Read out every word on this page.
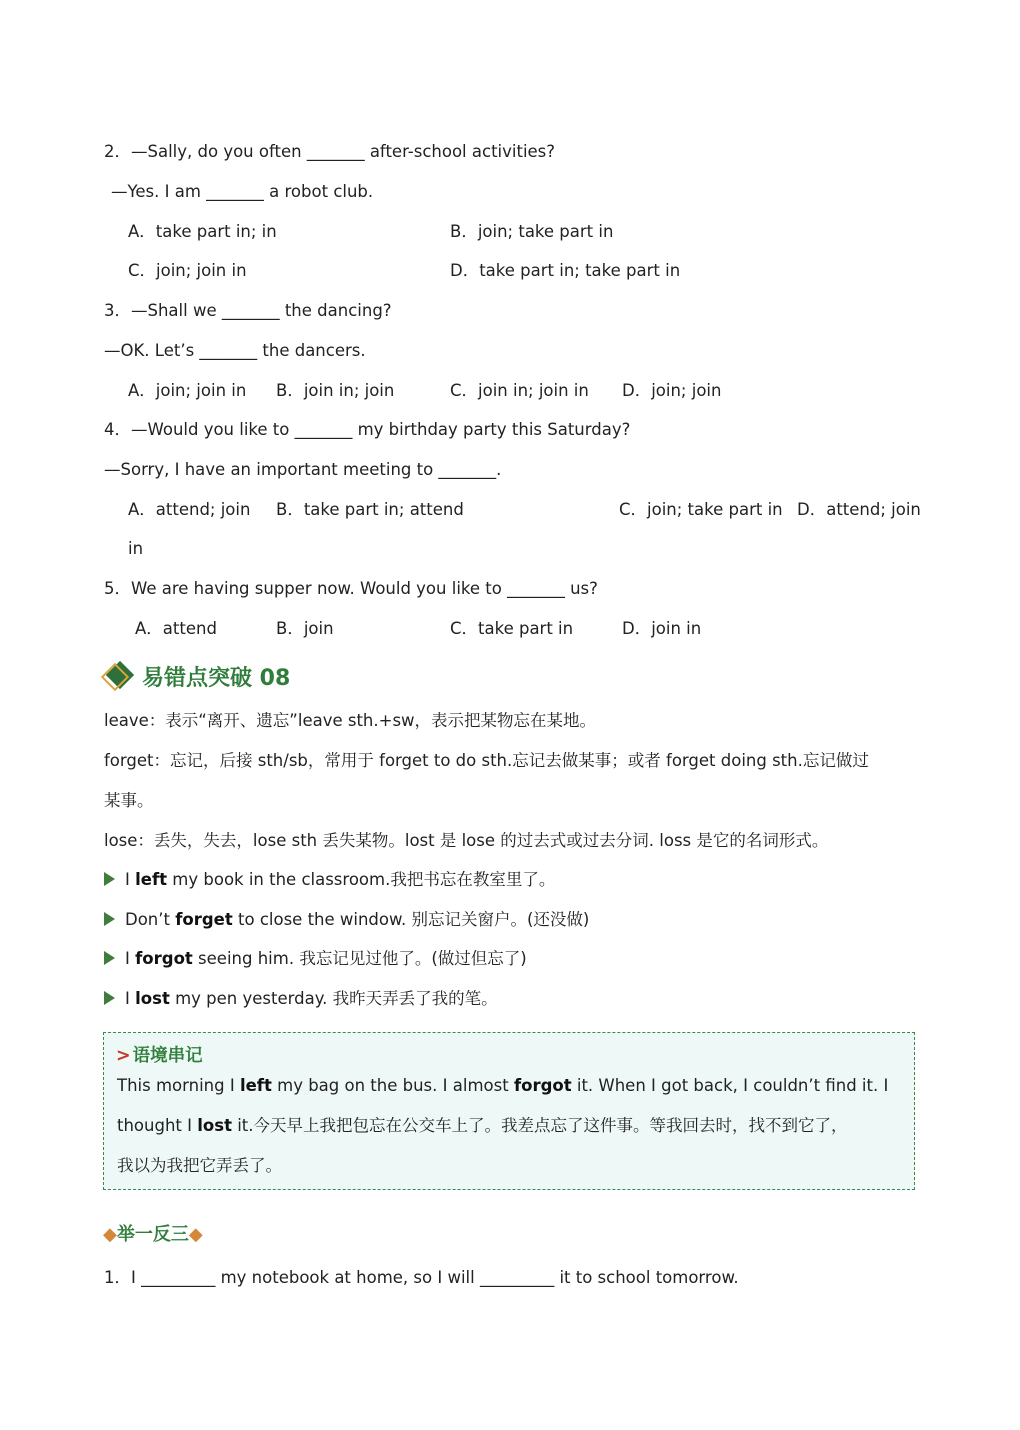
2．—Sally, do you often _______ after-school activities?
—Yes. I am _______ a robot club.
A．take part in; in	B．join; take part in
C．join; join in	D．take part in; take part in
3．—Shall we _______ the dancing?
—OK. Let’s _______ the dancers.
A．join; join in B．join in; join	C．join in; join in D．join; join
4．—Would you like to _______ my birthday party this Saturday?
—Sorry, I have an important meeting to _______.
A．attend; join B．take part in; attend	C．join; take part in D．attend; join
in
5．We are having supper now. Would you like to _______ us?
A．attend	B．join	C．take part in	D．join in
易错点突破 08
leave：表示“离开、遗忘”leave sth.+sw，表示把某物忘在某地。
forget：忘记，后接 sth/sb，常用于 forget to do sth.忘记去做某事；或者 forget doing sth.忘记做过
某事。
lose：丢失，失去，lose sth 丢失某物。lost 是 lose 的过去式或过去分词. loss 是它的名词形式。
I left my book in the classroom.我把书忘在教室里了。
Don’t forget to close the window. 别忘记关窗户。(还没做)
I forgot seeing him. 我忘记见过他了。(做过但忘了)
I lost my pen yesterday. 我昨天弄丢了我的笔。
> 语境串记
This morning I left my bag on the bus. I almost forgot it. When I got back, I couldn’t find it. I
thought I lost it.今天早上我把包忘在公交车上了。我差点忘了这件事。等我回去时，找不到它了，
我以为我把它弄丢了。
◆举一反三◆
1．I _________ my notebook at home, so I will _________ it to school tomorrow.
